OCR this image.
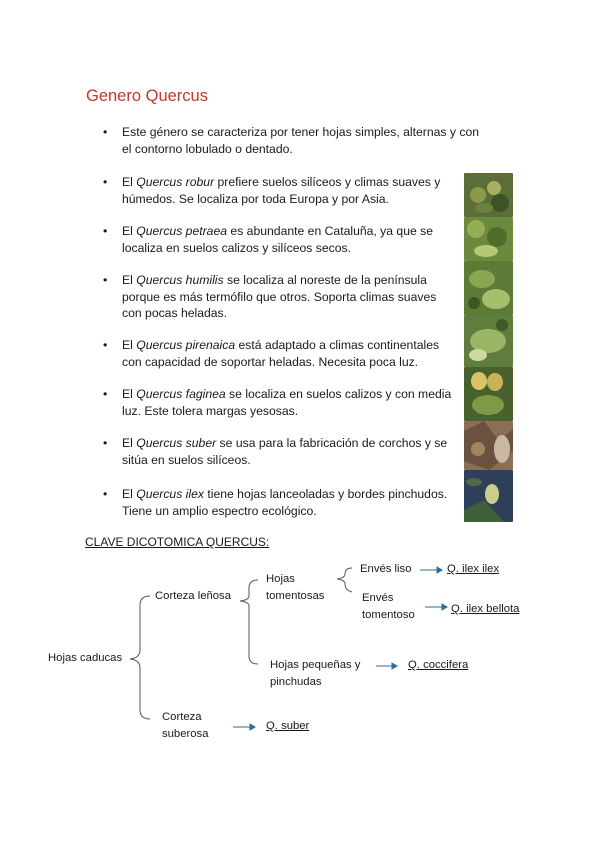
Genero Quercus
• Este género se caracteriza por tener hojas simples, alternas y con el contorno lobulado o dentado.
• El Quercus robur prefiere suelos silíceos y climas suaves y húmedos. Se localiza por toda Europa y por Asia.
• El Quercus petraea es abundante en Cataluña, ya que se localiza en suelos calizos y silíceos secos.
• El Quercus humilis se localiza al noreste de la península porque es más termófilo que otros. Soporta climas suaves con pocas heladas.
• El Quercus pirenaica está adaptado a climas continentales con capacidad de soportar heladas. Necesita poca luz.
• El Quercus faginea se localiza en suelos calizos y con media luz. Este tolera margas yesosas.
• El Quercus suber se usa para la fabricación de corchos y se sitúa en suelos silíceos.
• El Quercus ilex tiene hojas lanceoladas y bordes pinchudos. Tiene un amplio espectro ecológico.
CLAVE DICOTOMICA QUERCUS:
Hojas caducas
Corteza leñosa
Corteza
suberosa
Hojas
tomentosas
Hojas pequeñas y
pinchudas
Envés liso
Envés
tomentoso
Q. ilex ilex
Q. ilex bellota
Q. coccifera
Q. suber
